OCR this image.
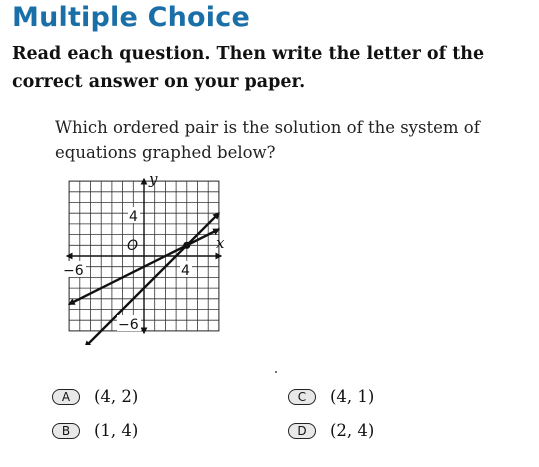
Multiple Choice
Read each question. Then write the letter of the correct answer on your paper.
Which ordered pair is the solution of the system of equations graphed below?
y
x
O
4
−6	4
−6
A	(4, 2)
B	(1, 4)
C	(4, 1)
D	(2, 4)
